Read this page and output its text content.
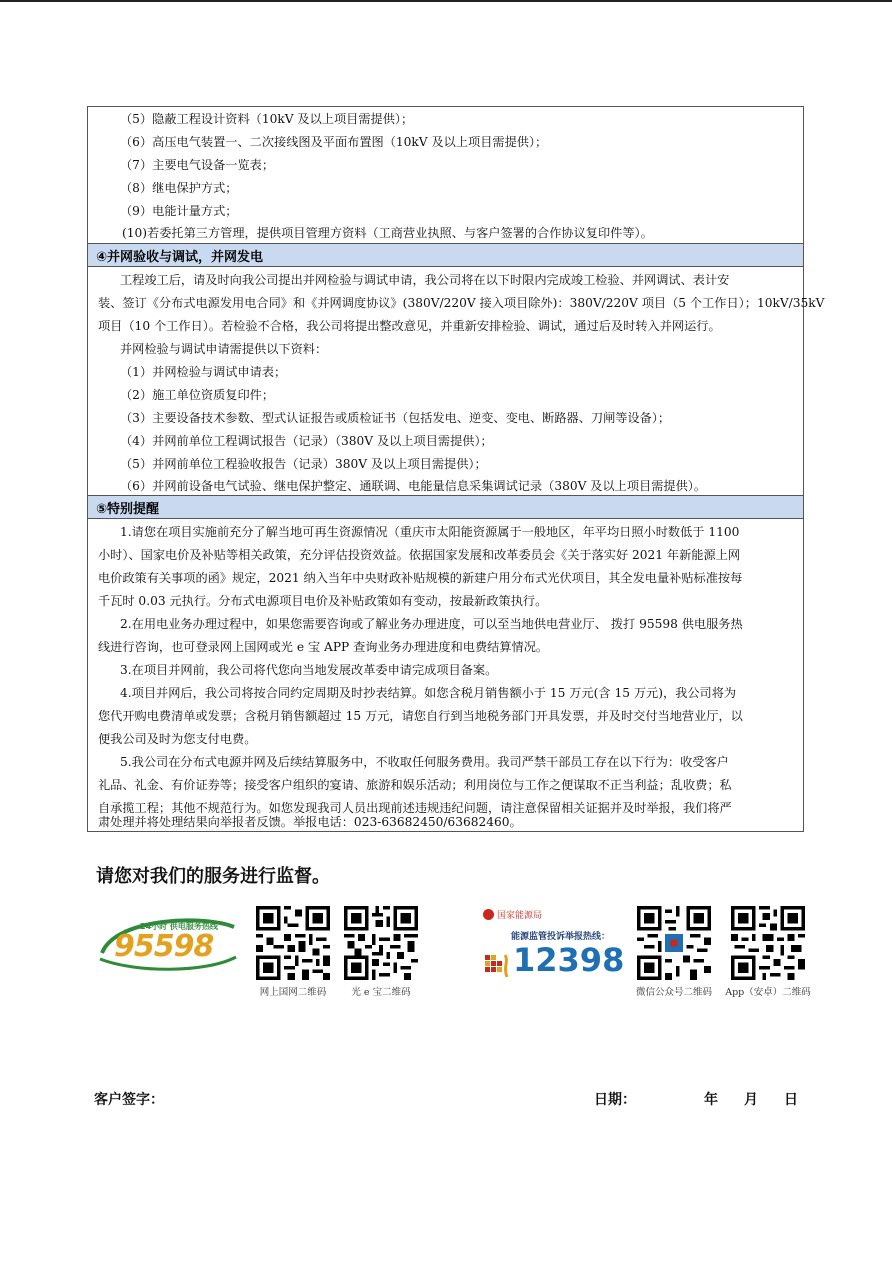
（5）隐蔽工程设计资料（10kV 及以上项目需提供）；
（6）高压电气装置一、二次接线图及平面布置图（10kV 及以上项目需提供）；
（7）主要电气设备一览表；
（8）继电保护方式；
（9）电能计量方式；
(10)若委托第三方管理，提供项目管理方资料（工商营业执照、与客户签署的合作协议复印件等）。
④并网验收与调试，并网发电
工程竣工后，请及时向我公司提出并网检验与调试申请，我公司将在以下时限内完成竣工检验、并网调试、表计安
装、签订《分布式电源发用电合同》和《并网调度协议》(380V/220V 接入项目除外)：380V/220V 项目（5 个工作日）；10kV/35kV
项目（10 个工作日）。若检验不合格，我公司将提出整改意见，并重新安排检验、调试，通过后及时转入并网运行。
并网检验与调试申请需提供以下资料：
（1）并网检验与调试申请表；
（2）施工单位资质复印件；
（3）主要设备技术参数、型式认证报告或质检证书（包括发电、逆变、变电、断路器、刀闸等设备）；
（4）并网前单位工程调试报告（记录）（380V 及以上项目需提供）；
（5）并网前单位工程验收报告（记录）380V 及以上项目需提供）；
（6）并网前设备电气试验、继电保护整定、通联调、电能量信息采集调试记录（380V 及以上项目需提供）。
⑤特别提醒
1.请您在项目实施前充分了解当地可再生资源情况（重庆市太阳能资源属于一般地区，年平均日照小时数低于 1100
小时）、国家电价及补贴等相关政策，充分评估投资效益。依据国家发展和改革委员会《关于落实好 2021 年新能源上网
电价政策有关事项的函》规定，2021 纳入当年中央财政补贴规模的新建户用分布式光伏项目，其全发电量补贴标准按每
千瓦时 0.03 元执行。分布式电源项目电价及补贴政策如有变动，按最新政策执行。
2.在用电业务办理过程中，如果您需要咨询或了解业务办理进度，可以至当地供电营业厅、 拨打 95598 供电服务热
线进行咨询，也可登录网上国网或光 e 宝 APP 查询业务办理进度和电费结算情况。
3.在项目并网前，我公司将代您向当地发展改革委申请完成项目备案。
4.项目并网后，我公司将按合同约定周期及时抄表结算。如您含税月销售额小于 15 万元(含 15 万元)，我公司将为
您代开购电费清单或发票；含税月销售额超过 15 万元，请您自行到当地税务部门开具发票，并及时交付当地营业厅，以
便我公司及时为您支付电费。
5.我公司在分布式电源并网及后续结算服务中，不收取任何服务费用。我司严禁干部员工存在以下行为：收受客户
礼品、礼金、有价证券等；接受客户组织的宴请、旅游和娱乐活动；利用岗位与工作之便谋取不正当利益；乱收费；私
自承揽工程；其他不规范行为。如您发现我司人员出现前述违规违纪问题，请注意保留相关证据并及时举报，我们将严
肃处理并将处理结果向举报者反馈。举报电话：023-63682450/63682460。
请您对我们的服务进行监督。
24小时 供电服务热线
95598
网上国网二维码	光 e 宝二维码
国家能源局
能源监管投诉举报热线：
12398
微信公众号二维码	App（安卓）二维码
客户签字：	日期：	年 月 日
